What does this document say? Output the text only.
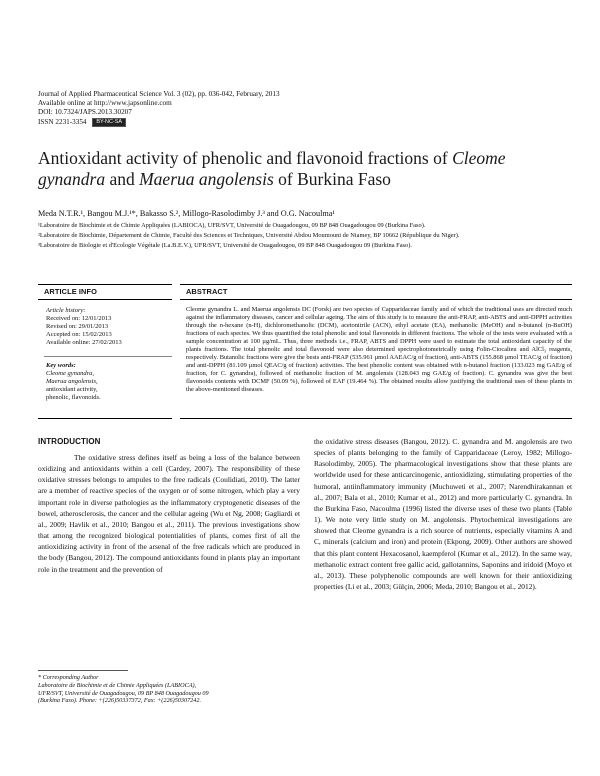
Journal of Applied Pharmaceutical Science Vol. 3 (02), pp. 036-042, February, 2013
Available online at http://www.japsonline.com
DOI: 10.7324/JAPS.2013.30207
ISSN 2231-3354 BY-NC-SA
Antioxidant activity of phenolic and flavonoid fractions of Cleome gynandra and Maerua angolensis of Burkina Faso
Meda N.T.R.¹, Bangou M.J.¹*, Bakasso S.², Millogo-Rasolodimby J.³ and O.G. Nacoulma¹
¹Laboratoire de Biochimie et de Chimie Appliquées (LABIOCA), UFR/SVT, Université de Ouagadougou, 09 BP 848 Ouagadougou 09 (Burkina Faso).
²Laboratoire de Biochimie, Département de Chimie, Faculté des Sciences et Techniques, Université Abdou Moumouni de Niamey, BP 10662 (République du Niger).
³Laboratoire de Biologie et d'Ecologie Végétale (La.B.E.V.), UFR/SVT, Université de Ouagadougou, 09 BP 848 Ouagadougou 09 (Burkina Faso).
ARTICLE INFO
Article history:
Received on: 12/01/2013
Revised on: 29/01/2013
Accepted on: 15/02/2013
Available online: 27/02/2013
Key words:
Cleome gynandra,
Maerua angolensis,
antioxidant activity,
phenolic, flavonoids.
ABSTRACT
Cleome gynandra L. and Maerua angolensis DC (Forsk) are two species of Capparidaceae family and of which the traditional uses are directed much against the inflammatory diseases, cancer and cellular ageing. The aim of this study is to measure the anti-FRAP, anti-ABTS and anti-DPPH activities through the n-hexane (n-H), dichloromethanolic (DCM), acetonitrile (ACN), ethyl acetate (EA), methanolic (MeOH) and n-butanol (n-BuOH) fractions of each species. We thus quantified the total phenolic and total flavonoids in different fractions. The whole of the tests were evaluated with a sample concentration at 100 µg/mL. Thus, three methods i.e., FRAP, ABTS and DPPH were used to estimate the total antioxidant capacity of the plants fractions. The total phenolic and total flavonoid were also determined spectrophotometrically using Folin-Ciocalteu and AlCl₃ reagents, respectively. Butanolic fractions were give the bests anti-FRAP (535.961 µmol AAEAC/g of fraction), anti-ABTS (155.868 µmol TEAC/g of fraction) and anti-DPPH (81.109 µmol QEAC/g of fraction) activities. The best phenolic content was obtained with n-butanol fraction (133.023 mg GAE/g of fraction, for C. gynandra), followed of methanolic fraction of M. angolensis (128.043 mg GAE/g of fraction). C. gynandra was give the best flavonoids contents with DCMF (50.09 %), followed of EAF (19.464 %). The obtained results allow justifying the traditional uses of these plants in the above-mentioned diseases.
INTRODUCTION
The oxidative stress defines itself as being a loss of the balance between oxidizing and antioxidants within a cell (Cardey, 2007). The responsibility of these oxidative stresses belongs to ampules to the free radicals (Coulidiati, 2010). The latter are a member of reactive species of the oxygen or of some nitrogen, which play a very important role in diverse pathologies as the inflammatory cryptogenetic diseases of the bowel, atherosclerosis, the cancer and the cellular ageing (Wu et Ng, 2008; Gagliardi et al., 2009; Havlik et al., 2010; Bangou et al., 2011). The previous investigations show that among the recognized biological potentialities of plants, comes first of all the antioxidizing activity in front of the arsenal of the free radicals which are produced in the body (Bangou, 2012). The compound antioxidants found in plants play an important role in the treatment and the prevention of
the oxidative stress diseases (Bangou, 2012). C. gynandra and M. angolensis are two species of plants belonging to the family of Capparidaceae (Leroy, 1982; Millogo-Rasolodimby, 2005). The pharmacological investigations show that these plants are worldwide used for these anticarcinogenic, antioxidizing, stimulating properties of the humoral, antiinflammatory immunity (Muchuweti et al., 2007; Narendhirakannan et al., 2007; Bala et al., 2010; Kumar et al., 2012) and more particularly C. gynandra. In the Burkina Faso, Nacoulma (1996) listed the diverse uses of these two plants (Table 1). We note very little study on M. angolensis. Phytochemical investigations are showed that Cleome gynandra is a rich source of nutrients, especially vitamins A and C, minerals (calcium and iron) and protein (Ekpong, 2009). Other authors are showed that this plant content Hexacosanol, kaempferol (Kumar et al., 2012). In the same way, methanolic extract content free gallic acid, gallotannins, Saponins and iridoid (Moyo et al., 2013). These polyphenolic compounds are well known for their antioxidizing properties (Li et al., 2003; Gülçin, 2006; Meda, 2010; Bangou et al., 2012).
* Corresponding Author
Laboratoire de Biochimie et de Chimie Appliquées (LABIOCA),
UFR/SVT, Université de Ouagadougou, 09 BP 848 Ouagadougou 09
(Burkina Faso). Phone: +(226)50337372, Fax: +(226)50307242.
